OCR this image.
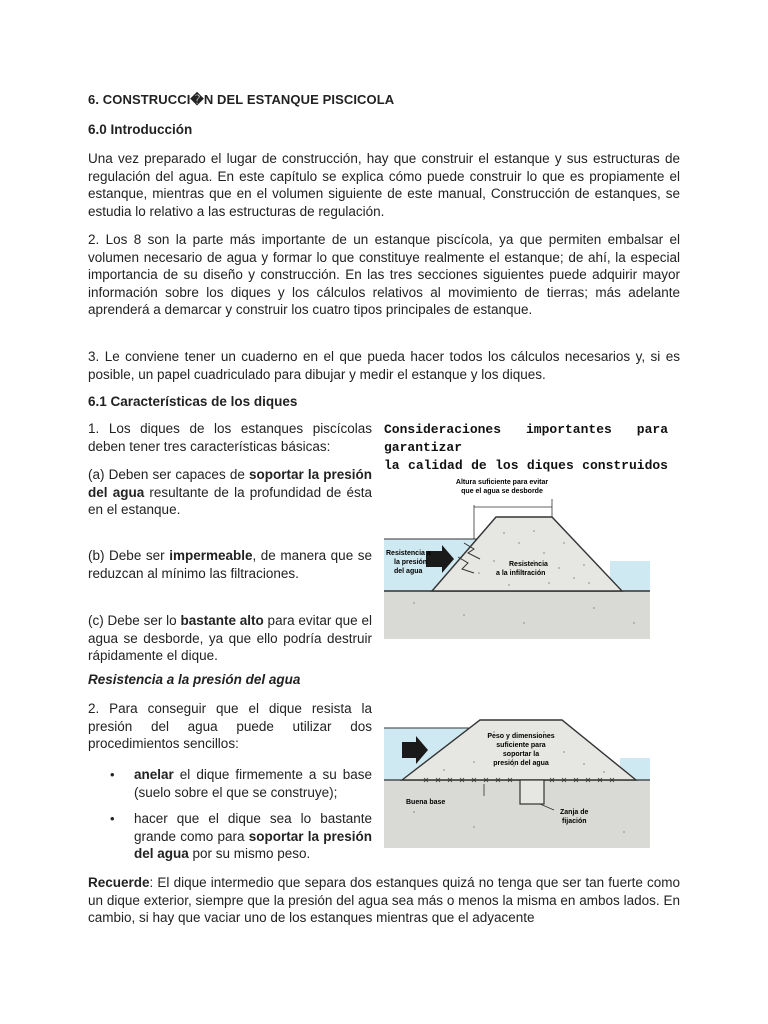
6. CONSTRUCCI�N DEL ESTANQUE PISCICOLA
6.0 Introducción

Una vez preparado el lugar de construcción, hay que construir el estanque y sus estructuras de regulación del agua. En este capítulo se explica cómo puede construir lo que es propiamente el estanque, mientras que en el volumen siguiente de este manual, Construcción de estanques, se estudia lo relativo a las estructuras de regulación.

2. Los 8 son la parte más importante de un estanque piscícola, ya que permiten embalsar el volumen necesario de agua y formar lo que constituye realmente el estanque; de ahí, la especial importancia de su diseño y construcción. En las tres secciones siguientes puede adquirir mayor información sobre los diques y los cálculos relativos al movimiento de tierras; más adelante aprenderá a demarcar y construir los cuatro tipos principales de estanque.

3. Le conviene tener un cuaderno en el que pueda hacer todos los cálculos necesarios y, si es posible, un papel cuadriculado para dibujar y medir el estanque y los diques.

6.1 Características de los diques

1. Los diques de los estanques piscícolas deben tener tres características básicas:

(a) Deben ser capaces de soportar la presión del agua resultante de la profundidad de ésta en el estanque.

(b) Debe ser impermeable, de manera que se reduzcan al mínimo las filtraciones.

(c) Debe ser lo bastante alto para evitar que el agua se desborde, ya que ello podría destruir rápidamente el dique.

Consideraciones importantes para
garantizar
la calidad de los diques construidos
Altura suficiente para evitar
que el agua se desborde
Resistencia a
la presión
del agua
Resistencia
a la infiltración
Resistencia a la presión del agua

2. Para conseguir que el dique resista la presión del agua puede utilizar dos procedimientos sencillos:

• anelar el dique firmemente a su base (suelo sobre el que se construye);
• hacer que el dique sea lo bastante grande como para soportar la presión del agua por su mismo peso.
Peso y dimensiones
suficiente para
soportar la
presión del agua
Buena base
Zanja de
fijación

Recuerde: El dique intermedio que separa dos estanques quizá no tenga que ser tan fuerte como un dique exterior, siempre que la presión del agua sea más o menos la misma en ambos lados. En cambio, si hay que vaciar uno de los estanques mientras que el adyacente
